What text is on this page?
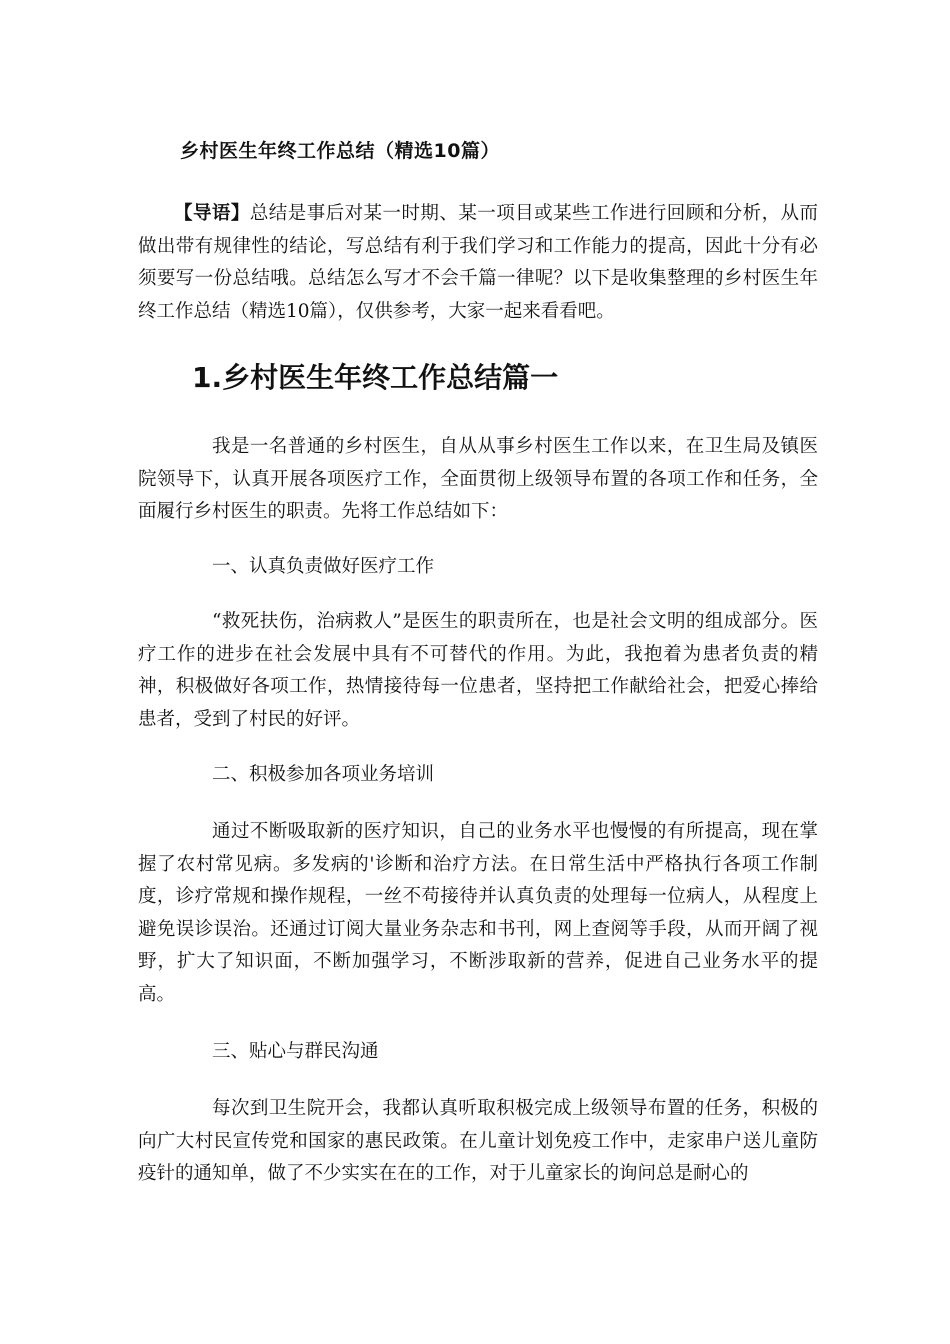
乡村医生年终工作总结（精选10篇）

【导语】总结是事后对某一时期、某一项目或某些工作进行回顾和分析，从而做出带有规律性的结论，写总结有利于我们学习和工作能力的提高，因此十分有必须要写一份总结哦。总结怎么写才不会千篇一律呢？以下是收集整理的乡村医生年终工作总结（精选10篇），仅供参考，大家一起来看看吧。

1.乡村医生年终工作总结篇一

我是一名普通的乡村医生，自从从事乡村医生工作以来，在卫生局及镇医院领导下，认真开展各项医疗工作，全面贯彻上级领导布置的各项工作和任务，全面履行乡村医生的职责。先将工作总结如下：

一、认真负责做好医疗工作

“救死扶伤，治病救人”是医生的职责所在，也是社会文明的组成部分。医疗工作的进步在社会发展中具有不可替代的作用。为此，我抱着为患者负责的精神，积极做好各项工作，热情接待每一位患者，坚持把工作献给社会，把爱心捧给患者，受到了村民的好评。

二、积极参加各项业务培训

通过不断吸取新的医疗知识，自己的业务水平也慢慢的有所提高，现在掌握了农村常见病。多发病的'诊断和治疗方法。在日常生活中严格执行各项工作制度，诊疗常规和操作规程，一丝不苟接待并认真负责的处理每一位病人，从程度上避免误诊误治。还通过订阅大量业务杂志和书刊，网上查阅等手段，从而开阔了视野，扩大了知识面，不断加强学习，不断涉取新的营养，促进自己业务水平的提高。

三、贴心与群民沟通

每次到卫生院开会，我都认真听取积极完成上级领导布置的任务，积极的向广大村民宣传党和国家的惠民政策。在儿童计划免疫工作中，走家串户送儿童防疫针的通知单，做了不少实实在在的工作，对于儿童家长的询问总是耐心的
